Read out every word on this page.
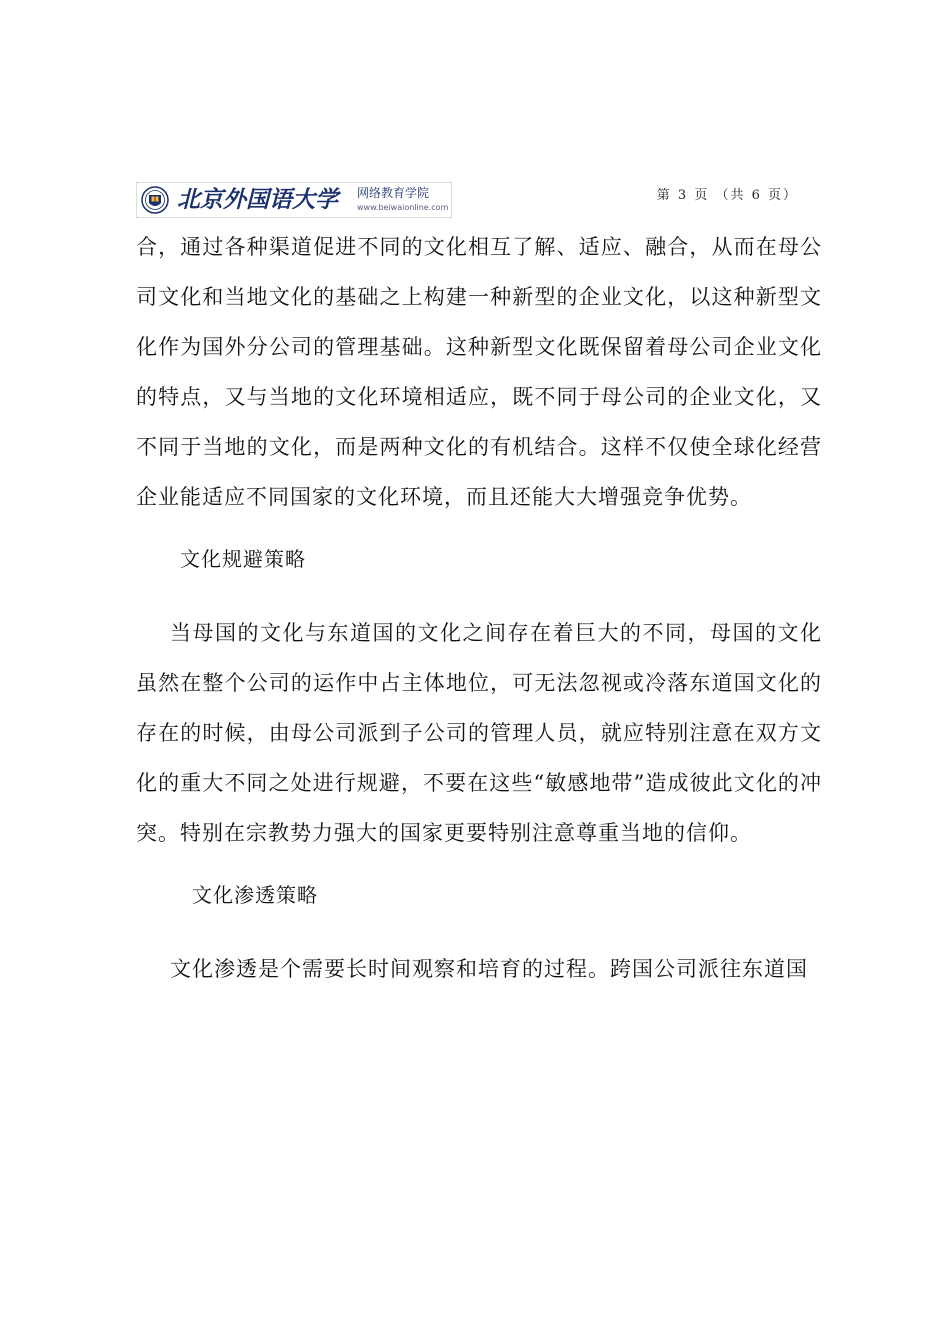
北京外国语大学 网络教育学院
www.beiwaionline.com
第 3 页 （共 6 页）

合，通过各种渠道促进不同的文化相互了解、适应、融合，从而在母公司文化和当地文化的基础之上构建一种新型的企业文化，以这种新型文化作为国外分公司的管理基础。这种新型文化既保留着母公司企业文化的特点，又与当地的文化环境相适应，既不同于母公司的企业文化，又不同于当地的文化，而是两种文化的有机结合。这样不仅使全球化经营企业能适应不同国家的文化环境，而且还能大大增强竞争优势。

文化规避策略

当母国的文化与东道国的文化之间存在着巨大的不同，母国的文化虽然在整个公司的运作中占主体地位，可无法忽视或冷落东道国文化的存在的时候，由母公司派到子公司的管理人员，就应特别注意在双方文化的重大不同之处进行规避，不要在这些“敏感地带”造成彼此文化的冲突。特别在宗教势力强大的国家更要特别注意尊重当地的信仰。

文化渗透策略

文化渗透是个需要长时间观察和培育的过程。跨国公司派往东道国
